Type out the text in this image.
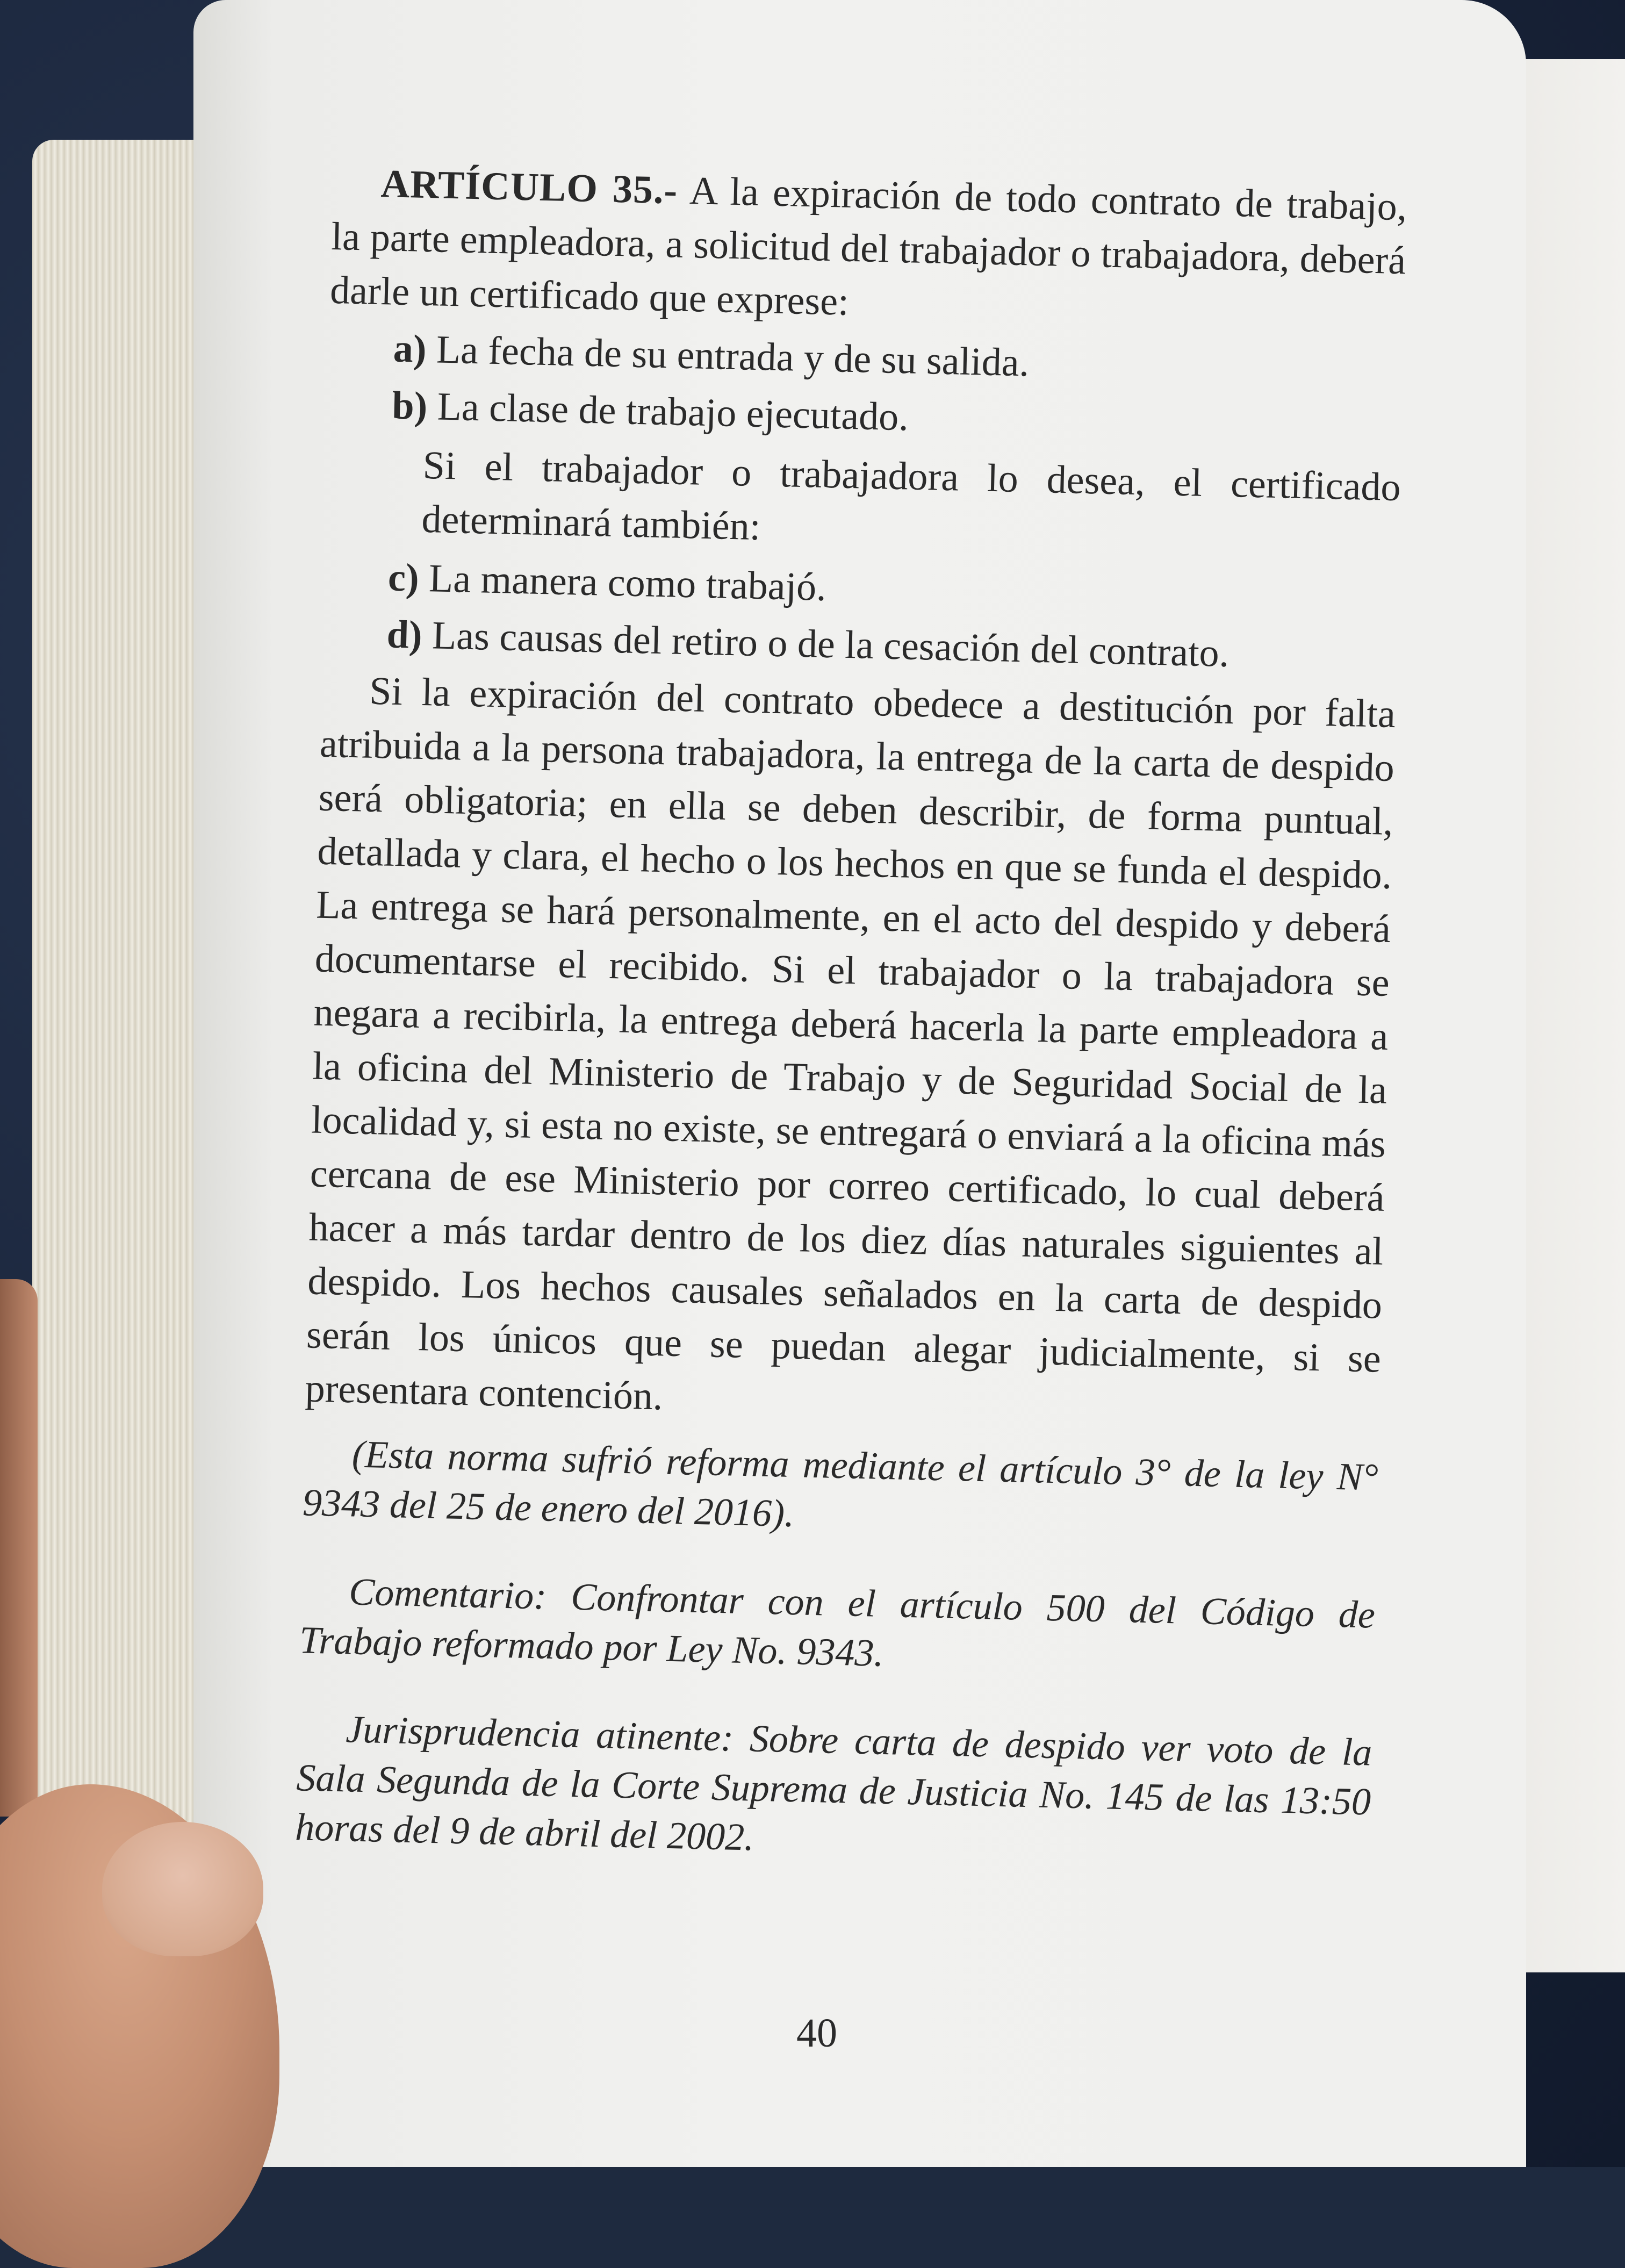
ARTÍCULO 35.- A la expiración de todo contrato de trabajo, la parte empleadora, a solicitud del trabajador o trabajadora, deberá darle un certificado que exprese:

a) La fecha de su entrada y de su salida.
b) La clase de trabajo ejecutado.

Si el trabajador o trabajadora lo desea, el certificado determinará también:

c) La manera como trabajó.
d) Las causas del retiro o de la cesación del contrato.

Si la expiración del contrato obedece a destitución por falta atribuida a la persona trabajadora, la entrega de la carta de despido será obligatoria; en ella se deben describir, de forma puntual, detallada y clara, el hecho o los hechos en que se funda el despido. La entrega se hará personalmente, en el acto del despido y deberá documentarse el recibido. Si el trabajador o la trabajadora se negara a recibirla, la entrega deberá hacerla la parte empleadora a la oficina del Ministerio de Trabajo y de Seguridad Social de la localidad y, si esta no existe, se entregará o enviará a la oficina más cercana de ese Ministerio por correo certificado, lo cual deberá hacer a más tardar dentro de los diez días naturales siguientes al despido. Los hechos causales señalados en la carta de despido serán los únicos que se puedan alegar judicialmente, si se presentara contención.

(Esta norma sufrió reforma mediante el artículo 3° de la ley N° 9343 del 25 de enero del 2016).

Comentario: Confrontar con el artículo 500 del Código de Trabajo reformado por Ley No. 9343.

Jurisprudencia atinente: Sobre carta de despido ver voto de la Sala Segunda de la Corte Suprema de Justicia No. 145 de las 13:50 horas del 9 de abril del 2002.

40
